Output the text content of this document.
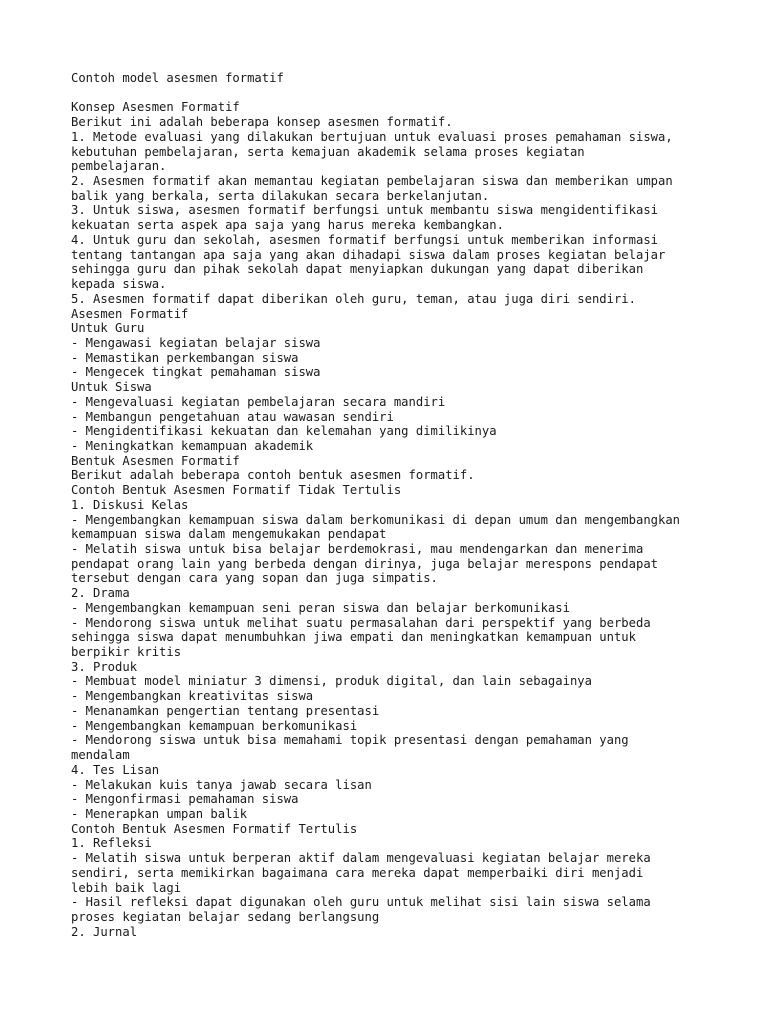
Contoh model asesmen formatif
Konsep Asesmen Formatif
Berikut ini adalah beberapa konsep asesmen formatif.
1. Metode evaluasi yang dilakukan bertujuan untuk evaluasi proses pemahaman siswa,
kebutuhan pembelajaran, serta kemajuan akademik selama proses kegiatan
pembelajaran.
2. Asesmen formatif akan memantau kegiatan pembelajaran siswa dan memberikan umpan
balik yang berkala, serta dilakukan secara berkelanjutan.
3. Untuk siswa, asesmen formatif berfungsi untuk membantu siswa mengidentifikasi
kekuatan serta aspek apa saja yang harus mereka kembangkan.
4. Untuk guru dan sekolah, asesmen formatif berfungsi untuk memberikan informasi
tentang tantangan apa saja yang akan dihadapi siswa dalam proses kegiatan belajar
sehingga guru dan pihak sekolah dapat menyiapkan dukungan yang dapat diberikan
kepada siswa.
5. Asesmen formatif dapat diberikan oleh guru, teman, atau juga diri sendiri.
Asesmen Formatif
Untuk Guru
- Mengawasi kegiatan belajar siswa
- Memastikan perkembangan siswa
- Mengecek tingkat pemahaman siswa
Untuk Siswa
- Mengevaluasi kegiatan pembelajaran secara mandiri
- Membangun pengetahuan atau wawasan sendiri
- Mengidentifikasi kekuatan dan kelemahan yang dimilikinya
- Meningkatkan kemampuan akademik
Bentuk Asesmen Formatif
Berikut adalah beberapa contoh bentuk asesmen formatif.
Contoh Bentuk Asesmen Formatif Tidak Tertulis
1. Diskusi Kelas
- Mengembangkan kemampuan siswa dalam berkomunikasi di depan umum dan mengembangkan
kemampuan siswa dalam mengemukakan pendapat
- Melatih siswa untuk bisa belajar berdemokrasi, mau mendengarkan dan menerima
pendapat orang lain yang berbeda dengan dirinya, juga belajar merespons pendapat
tersebut dengan cara yang sopan dan juga simpatis.
2. Drama
- Mengembangkan kemampuan seni peran siswa dan belajar berkomunikasi
- Mendorong siswa untuk melihat suatu permasalahan dari perspektif yang berbeda
sehingga siswa dapat menumbuhkan jiwa empati dan meningkatkan kemampuan untuk
berpikir kritis
3. Produk
- Membuat model miniatur 3 dimensi, produk digital, dan lain sebagainya
- Mengembangkan kreativitas siswa
- Menanamkan pengertian tentang presentasi
- Mengembangkan kemampuan berkomunikasi
- Mendorong siswa untuk bisa memahami topik presentasi dengan pemahaman yang
mendalam
4. Tes Lisan
- Melakukan kuis tanya jawab secara lisan
- Mengonfirmasi pemahaman siswa
- Menerapkan umpan balik
Contoh Bentuk Asesmen Formatif Tertulis
1. Refleksi
- Melatih siswa untuk berperan aktif dalam mengevaluasi kegiatan belajar mereka
sendiri, serta memikirkan bagaimana cara mereka dapat memperbaiki diri menjadi
lebih baik lagi
- Hasil refleksi dapat digunakan oleh guru untuk melihat sisi lain siswa selama
proses kegiatan belajar sedang berlangsung
2. Jurnal
